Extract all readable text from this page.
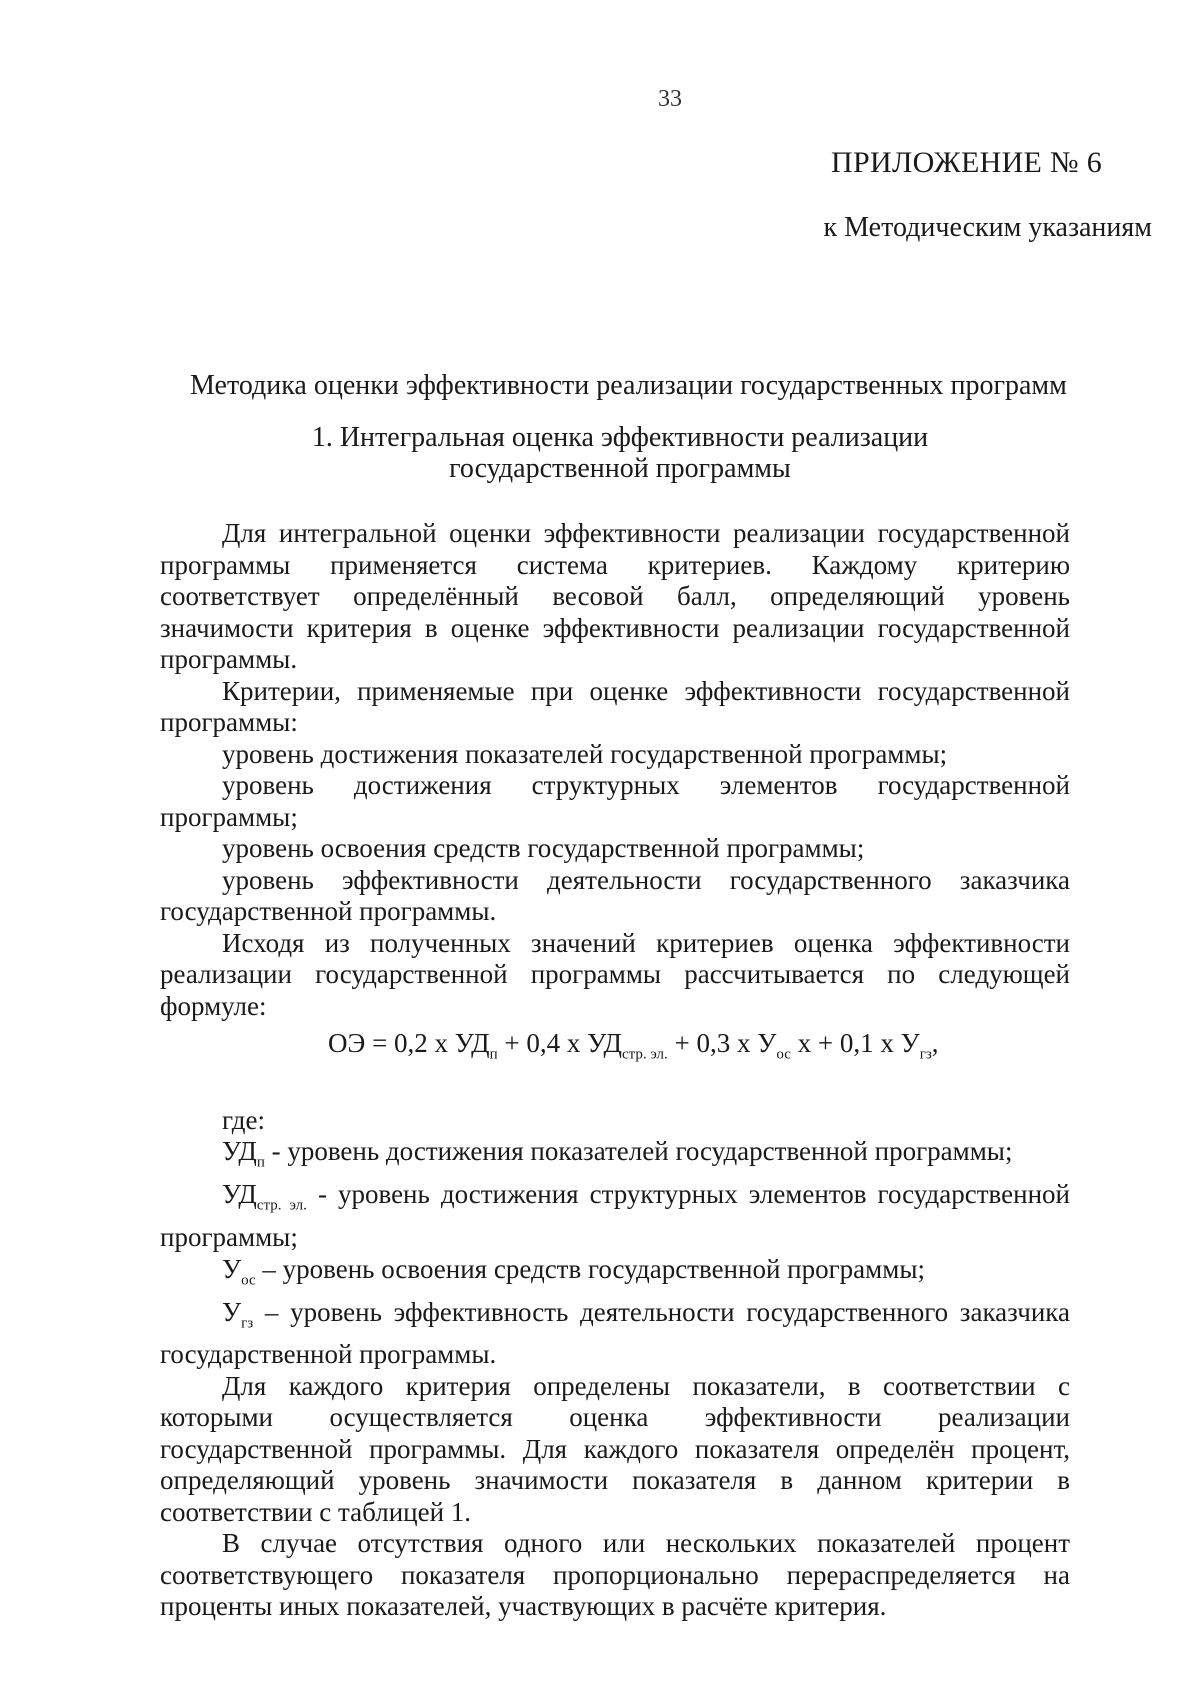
33
ПРИЛОЖЕНИЕ № 6
к Методическим указаниям
Методика оценки эффективности реализации государственных программ
1. Интегральная оценка эффективности реализации
государственной программы

Для интегральной оценки эффективности реализации государственной программы применяется система критериев. Каждому критерию соответствует определённый весовой балл, определяющий уровень значимости критерия в оценке эффективности реализации государственной программы.

Критерии, применяемые при оценке эффективности государственной программы:

уровень достижения показателей государственной программы;

уровень достижения структурных элементов государственной программы;

уровень освоения средств государственной программы;

уровень эффективности деятельности государственного заказчика государственной программы.

Исходя из полученных значений критериев оценка эффективности реализации государственной программы рассчитывается по следующей формуле:

ОЭ = 0,2 x $УД_п + 0,4$ x $УД_{стр. эл.} + 0,3$ x $У_{ос}$ x + 0,1 x $У_{гз}$,

где:

$УД_п$ - уровень достижения показателей государственной программы;

$УД_{стр. эл.}$ - уровень достижения структурных элементов государственной программы;

$У_{ос}$ – уровень освоения средств государственной программы;

$У_{гз}$ – уровень эффективность деятельности государственного заказчика государственной программы.

Для каждого критерия определены показатели, в соответствии с которыми осуществляется оценка эффективности реализации государственной программы. Для каждого показателя определён процент, определяющий уровень значимости показателя в данном критерии в соответствии с таблицей 1.

В случае отсутствия одного или нескольких показателей процент соответствующего показателя пропорционально перераспределяется на проценты иных показателей, участвующих в расчёте критерия.
